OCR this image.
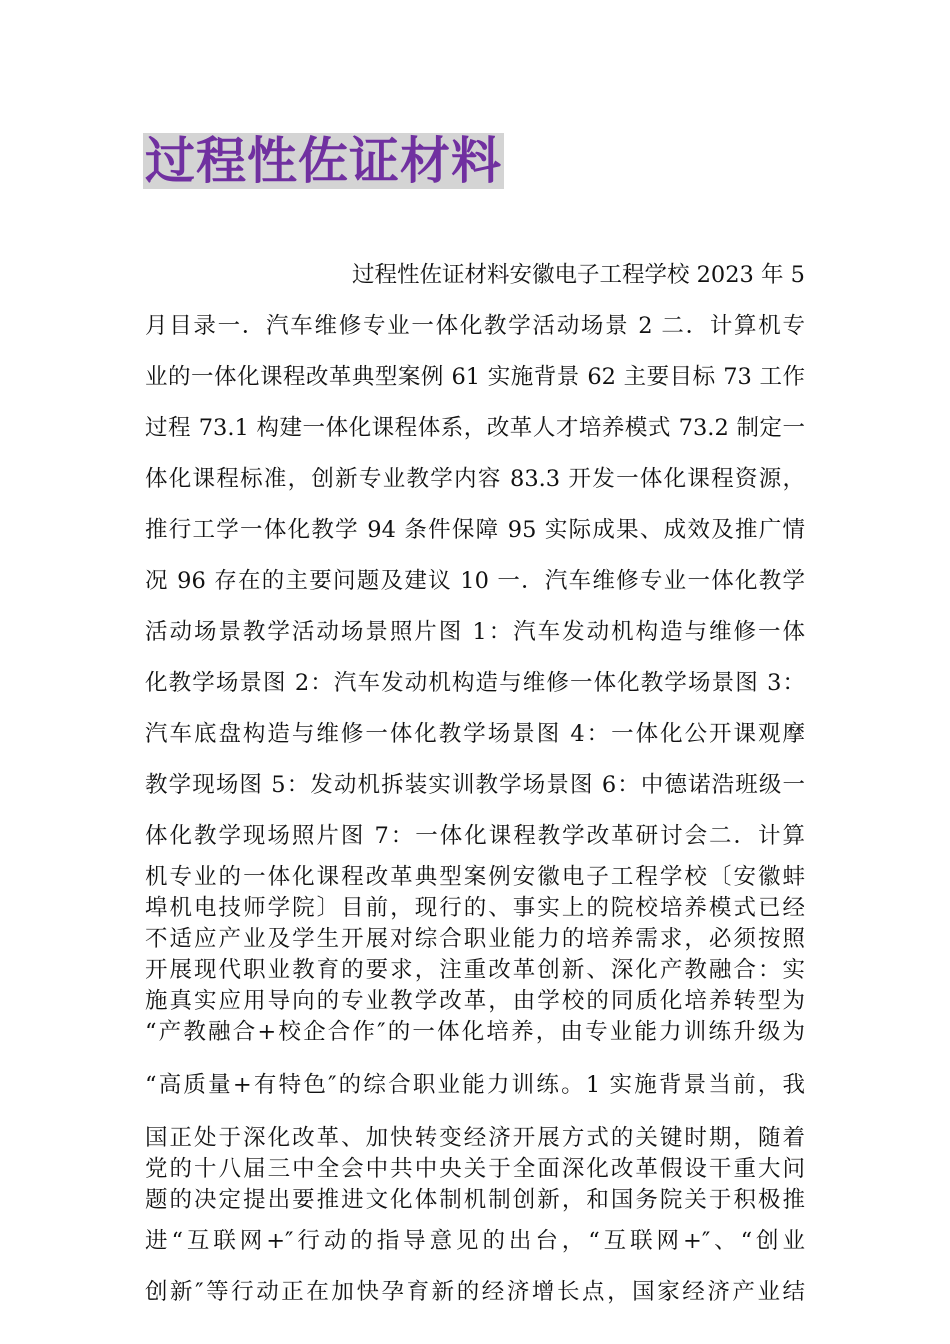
过程性佐证材料
过程性佐证材料安徽电子工程学校 2023 年 5
月目录一．汽车维修专业一体化教学活动场景 2 二．计算机专
业的一体化课程改革典型案例 61 实施背景 62 主要目标 73 工作
过程 73.1 构建一体化课程体系，改革人才培养模式 73.2 制定一
体化课程标准，创新专业教学内容 83.3 开发一体化课程资源，
推行工学一体化教学 94 条件保障 95 实际成果、成效及推广情
况 96 存在的主要问题及建议 10 一．汽车维修专业一体化教学
活动场景教学活动场景照片图 1：汽车发动机构造与维修一体
化教学场景图 2：汽车发动机构造与维修一体化教学场景图 3：
汽车底盘构造与维修一体化教学场景图 4：一体化公开课观摩
教学现场图 5：发动机拆装实训教学场景图 6：中德诺浩班级一
体化教学现场照片图 7：一体化课程教学改革研讨会二．计算
机专业的一体化课程改革典型案例安徽电子工程学校〔安徽蚌
埠机电技师学院〕目前，现行的、事实上的院校培养模式已经
不适应产业及学生开展对综合职业能力的培养需求，必须按照
开展现代职业教育的要求，注重改革创新、深化产教融合：实
施真实应用导向的专业教学改革，由学校的同质化培养转型为
“产教融合+校企合作″的一体化培养，由专业能力训练升级为
“高质量+有特色″的综合职业能力训练。1 实施背景当前，我
国正处于深化改革、加快转变经济开展方式的关键时期，随着
党的十八届三中全会中共中央关于全面深化改革假设干重大问
题的决定提出要推进文化体制机制创新，和国务院关于积极推
进“互联网+″行动的指导意见的出台，“互联网+″、“创业
创新″等行动正在加快孕育新的经济增长点，国家经济产业结
